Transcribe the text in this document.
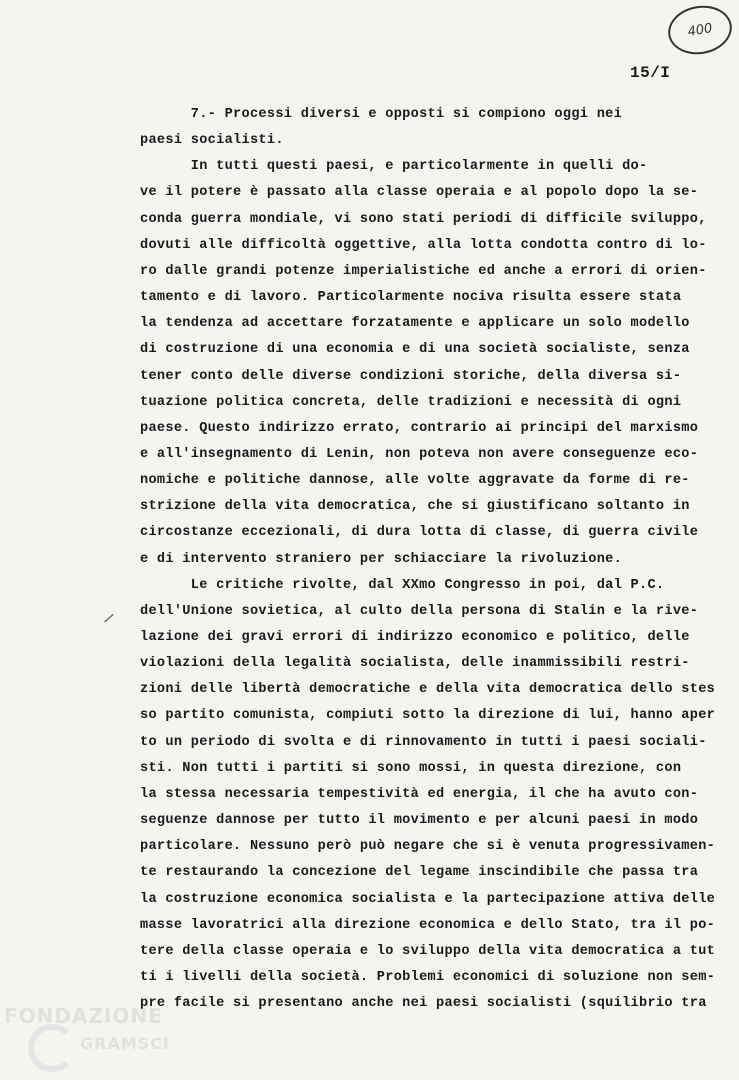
400
15/I
/
7.- Processi diversi e opposti si compiono oggi nei
paesi socialisti.
In tutti questi paesi, e particolarmente in quelli do-
ve il potere è passato alla classe operaia e al popolo dopo la se-
conda guerra mondiale, vi sono stati periodi di difficile sviluppo,
dovuti alle difficoltà oggettive, alla lotta condotta contro di lo-
ro dalle grandi potenze imperialistiche ed anche a errori di orien-
tamento e di lavoro. Particolarmente nociva risulta essere stata
la tendenza ad accettare forzatamente e applicare un solo modello
di costruzione di una economia e di una società socialiste, senza
tener conto delle diverse condizioni storiche, della diversa si-
tuazione politica concreta, delle tradizioni e necessità di ogni
paese. Questo indirizzo errato, contrario ai principi del marxismo
e all'insegnamento di Lenin, non poteva non avere conseguenze eco-
nomiche e politiche dannose, alle volte aggravate da forme di re-
strizione della vita democratica, che si giustificano soltanto in
circostanze eccezionali, di dura lotta di classe, di guerra civile
e di intervento straniero per schiacciare la rivoluzione.
Le critiche rivolte, dal XXmo Congresso in poi, dal P.C.
dell'Unione sovietica, al culto della persona di Stalin e la rive-
lazione dei gravi errori di indirizzo economico e politico, delle
violazioni della legalità socialista, delle inammissibili restri-
zioni delle libertà democratiche e della vita democratica dello stes
so partito comunista, compiuti sotto la direzione di lui, hanno aper
to un periodo di svolta e di rinnovamento in tutti i paesi sociali-
sti. Non tutti i partiti si sono mossi, in questa direzione, con
la stessa necessaria tempestività ed energia, il che ha avuto con-
seguenze dannose per tutto il movimento e per alcuni paesi in modo
particolare. Nessuno però può negare che si è venuta progressivamen-
te restaurando la concezione del legame inscindibile che passa tra
la costruzione economica socialista e la partecipazione attiva delle
masse lavoratrici alla direzione economica e dello Stato, tra il po-
tere della classe operaia e lo sviluppo della vita democratica a tut
ti i livelli della società. Problemi economici di soluzione non sem-
pre facile si presentano anche nei paesi socialisti (squilibrio tra
FONDAZIONE
GRAMSCI
